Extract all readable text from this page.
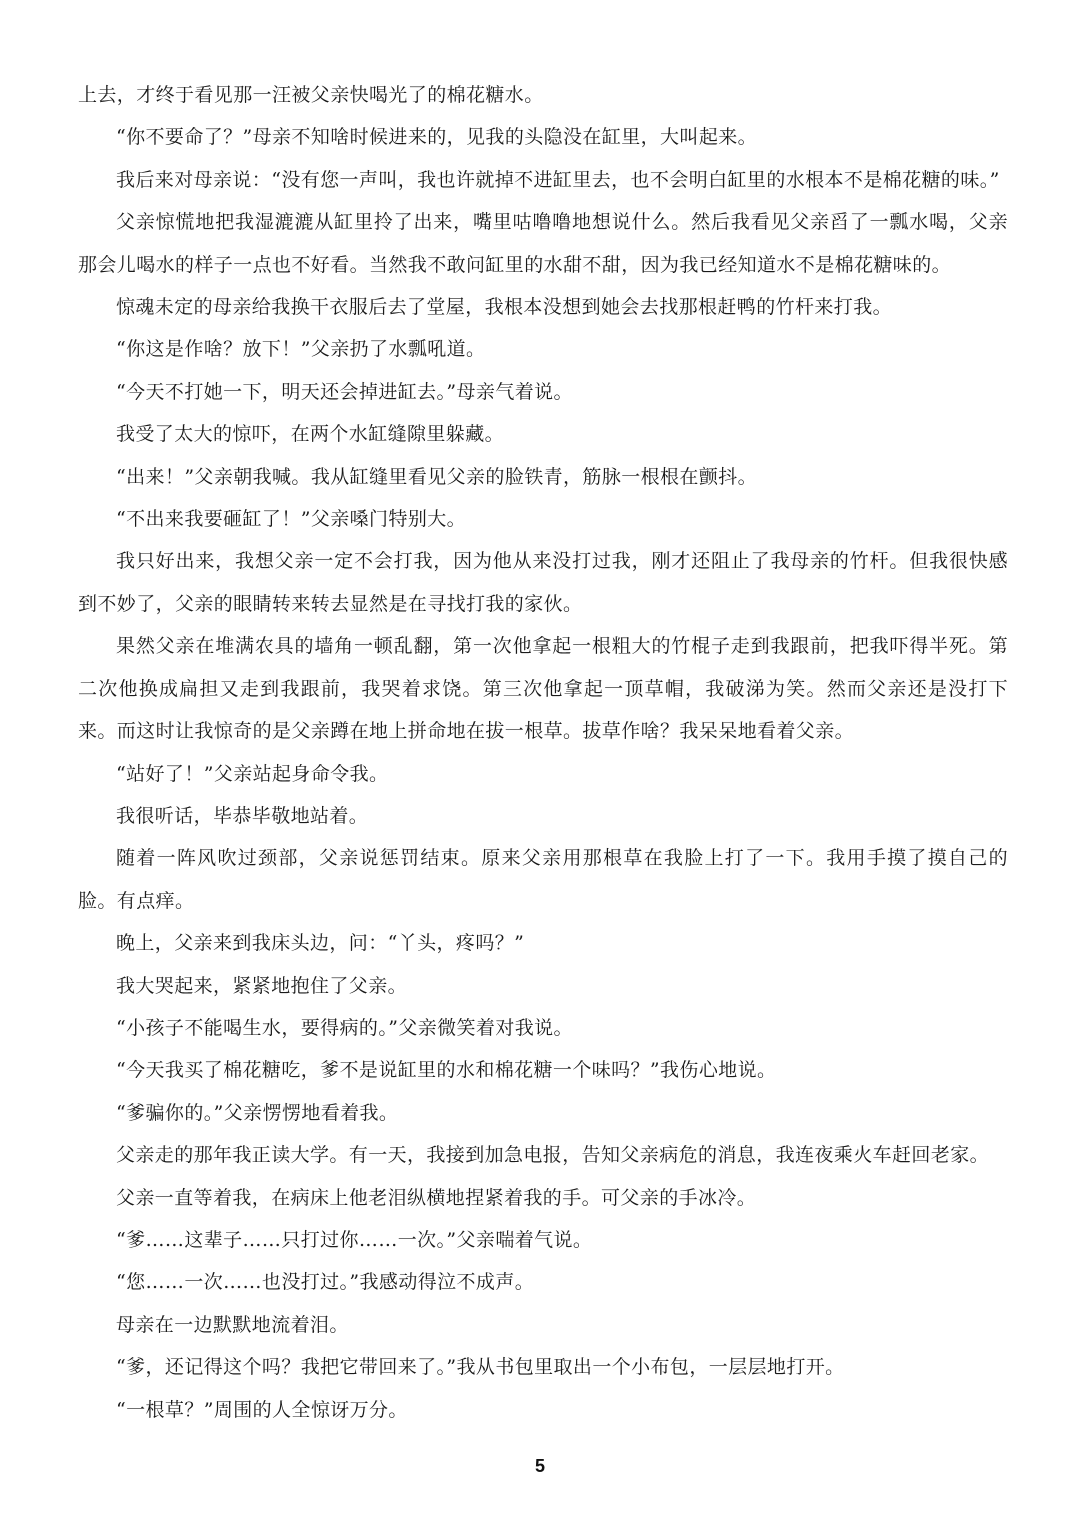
上去，才终于看见那一汪被父亲快喝光了的棉花糖水。

“你不要命了？”母亲不知啥时候进来的，见我的头隐没在缸里，大叫起来。

我后来对母亲说：“没有您一声叫，我也许就掉不进缸里去，也不会明白缸里的水根本不是棉花糖的味。”

父亲惊慌地把我湿漉漉从缸里拎了出来，嘴里咕噜噜地想说什么。然后我看见父亲舀了一瓢水喝，父亲那会儿喝水的样子一点也不好看。当然我不敢问缸里的水甜不甜，因为我已经知道水不是棉花糖味的。

惊魂未定的母亲给我换干衣服后去了堂屋，我根本没想到她会去找那根赶鸭的竹杆来打我。

“你这是作啥？放下！”父亲扔了水瓢吼道。

“今天不打她一下，明天还会掉进缸去。”母亲气着说。

我受了太大的惊吓，在两个水缸缝隙里躲藏。

“出来！”父亲朝我喊。我从缸缝里看见父亲的脸铁青，筋脉一根根在颤抖。

“不出来我要砸缸了！”父亲嗓门特别大。

我只好出来，我想父亲一定不会打我，因为他从来没打过我，刚才还阻止了我母亲的竹杆。但我很快感到不妙了，父亲的眼睛转来转去显然是在寻找打我的家伙。

果然父亲在堆满农具的墙角一顿乱翻，第一次他拿起一根粗大的竹棍子走到我跟前，把我吓得半死。第二次他换成扁担又走到我跟前，我哭着求饶。第三次他拿起一顶草帽，我破涕为笑。然而父亲还是没打下来。而这时让我惊奇的是父亲蹲在地上拼命地在拔一根草。拔草作啥？我呆呆地看着父亲。

“站好了！”父亲站起身命令我。

我很听话，毕恭毕敬地站着。

随着一阵风吹过颈部，父亲说惩罚结束。原来父亲用那根草在我脸上打了一下。我用手摸了摸自己的脸。有点痒。

晚上，父亲来到我床头边，问：“丫头，疼吗？”

我大哭起来，紧紧地抱住了父亲。

“小孩子不能喝生水，要得病的。”父亲微笑着对我说。

“今天我买了棉花糖吃，爹不是说缸里的水和棉花糖一个味吗？”我伤心地说。

“爹骗你的。”父亲愣愣地看着我。

父亲走的那年我正读大学。有一天，我接到加急电报，告知父亲病危的消息，我连夜乘火车赶回老家。

父亲一直等着我，在病床上他老泪纵横地捏紧着我的手。可父亲的手冰冷。

“爹……这辈子……只打过你……一次。”父亲喘着气说。

“您……一次……也没打过。”我感动得泣不成声。

母亲在一边默默地流着泪。

“爹，还记得这个吗？我把它带回来了。”我从书包里取出一个小布包，一层层地打开。

“一根草？”周围的人全惊讶万分。

5
